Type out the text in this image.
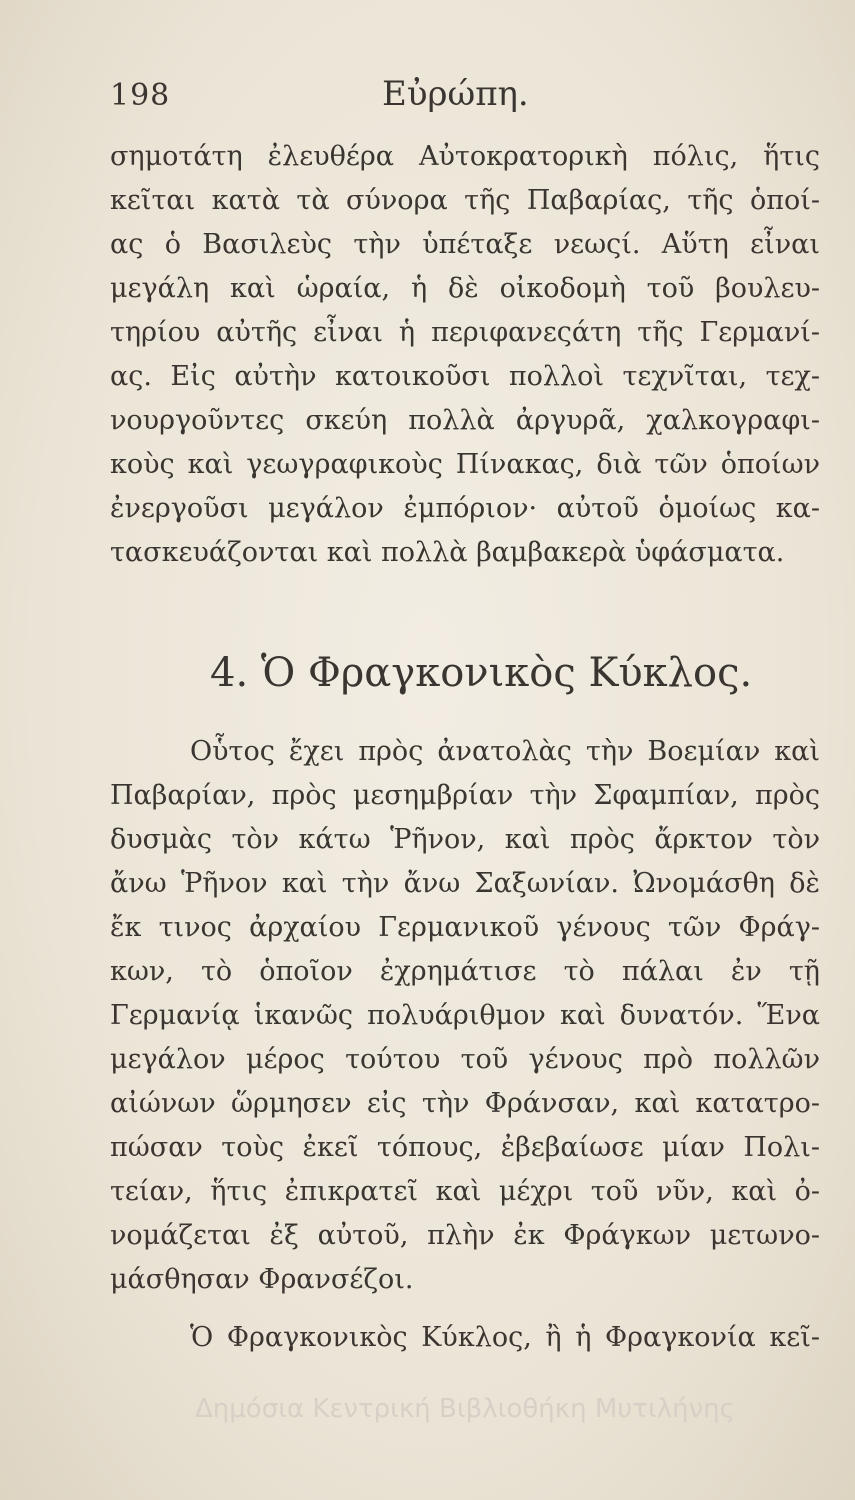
198	Εὐρώπη.
σημοτάτη ἐλευθέρα Αὐτοκρατορικὴ πόλις, ἥτις
κεῖται κατὰ τὰ σύνορα τῆς Παβαρίας, τῆς ὁποί-
ας ὁ Βασιλεὺς τὴν ὑπέταξε νεωςί. Αὕτη εἶναι
μεγάλη καὶ ὡραία, ἡ δὲ οἰκοδομὴ τοῦ βουλευ-
τηρίου αὐτῆς εἶναι ἡ περιφανεςάτη τῆς Γερμανί-
ας. Εἰς αὐτὴν κατοικοῦσι πολλοὶ τεχνῖται, τεχ-
νουργοῦντες σκεύη πολλὰ ἀργυρᾶ, χαλκογραφι-
κοὺς καὶ γεωγραφικοὺς Πίνακας, διὰ τῶν ὁποίων
ἐνεργοῦσι μεγάλον ἐμπόριον· αὐτοῦ ὁμοίως κα-
τασκευάζονται καὶ πολλὰ βαμβακερὰ ὑφάσματα.
4. Ὁ Φραγκονικὸς Κύκλος.
Οὗτος ἔχει πρὸς ἀνατολὰς τὴν Βοεμίαν καὶ
Παβαρίαν, πρὸς μεσημβρίαν τὴν Σφαμπίαν, πρὸς
δυσμὰς τὸν κάτω Ῥῆνον, καὶ πρὸς ἄρκτον τὸν
ἄνω Ῥῆνον καὶ τὴν ἄνω Σαξωνίαν. Ὠνομάσθη δὲ
ἔκ τινος ἀρχαίου Γερμανικοῦ γένους τῶν Φράγ-
κων, τὸ ὁποῖον ἐχρημάτισε τὸ πάλαι ἐν τῇ
Γερμανίᾳ ἱκανῶς πολυάριθμον καὶ δυνατόν. Ἕνα
μεγάλον μέρος τούτου τοῦ γένους πρὸ πολλῶν
αἰώνων ὥρμησεν εἰς τὴν Φράνσαν, καὶ κατατρο-
πώσαν τοὺς ἐκεῖ τόπους, ἐβεβαίωσε μίαν Πολι-
τείαν, ἥτις ἐπικρατεῖ καὶ μέχρι τοῦ νῦν, καὶ ὀ-
νομάζεται ἐξ αὐτοῦ, πλὴν ἐκ Φράγκων μετωνο-
μάσθησαν Φρανσέζοι.
Ὁ Φραγκονικὸς Κύκλος, ἢ ἡ Φραγκονία κεῖ-
Δημόσια Κεντρική Βιβλιοθήκη Μυτιλήνης
